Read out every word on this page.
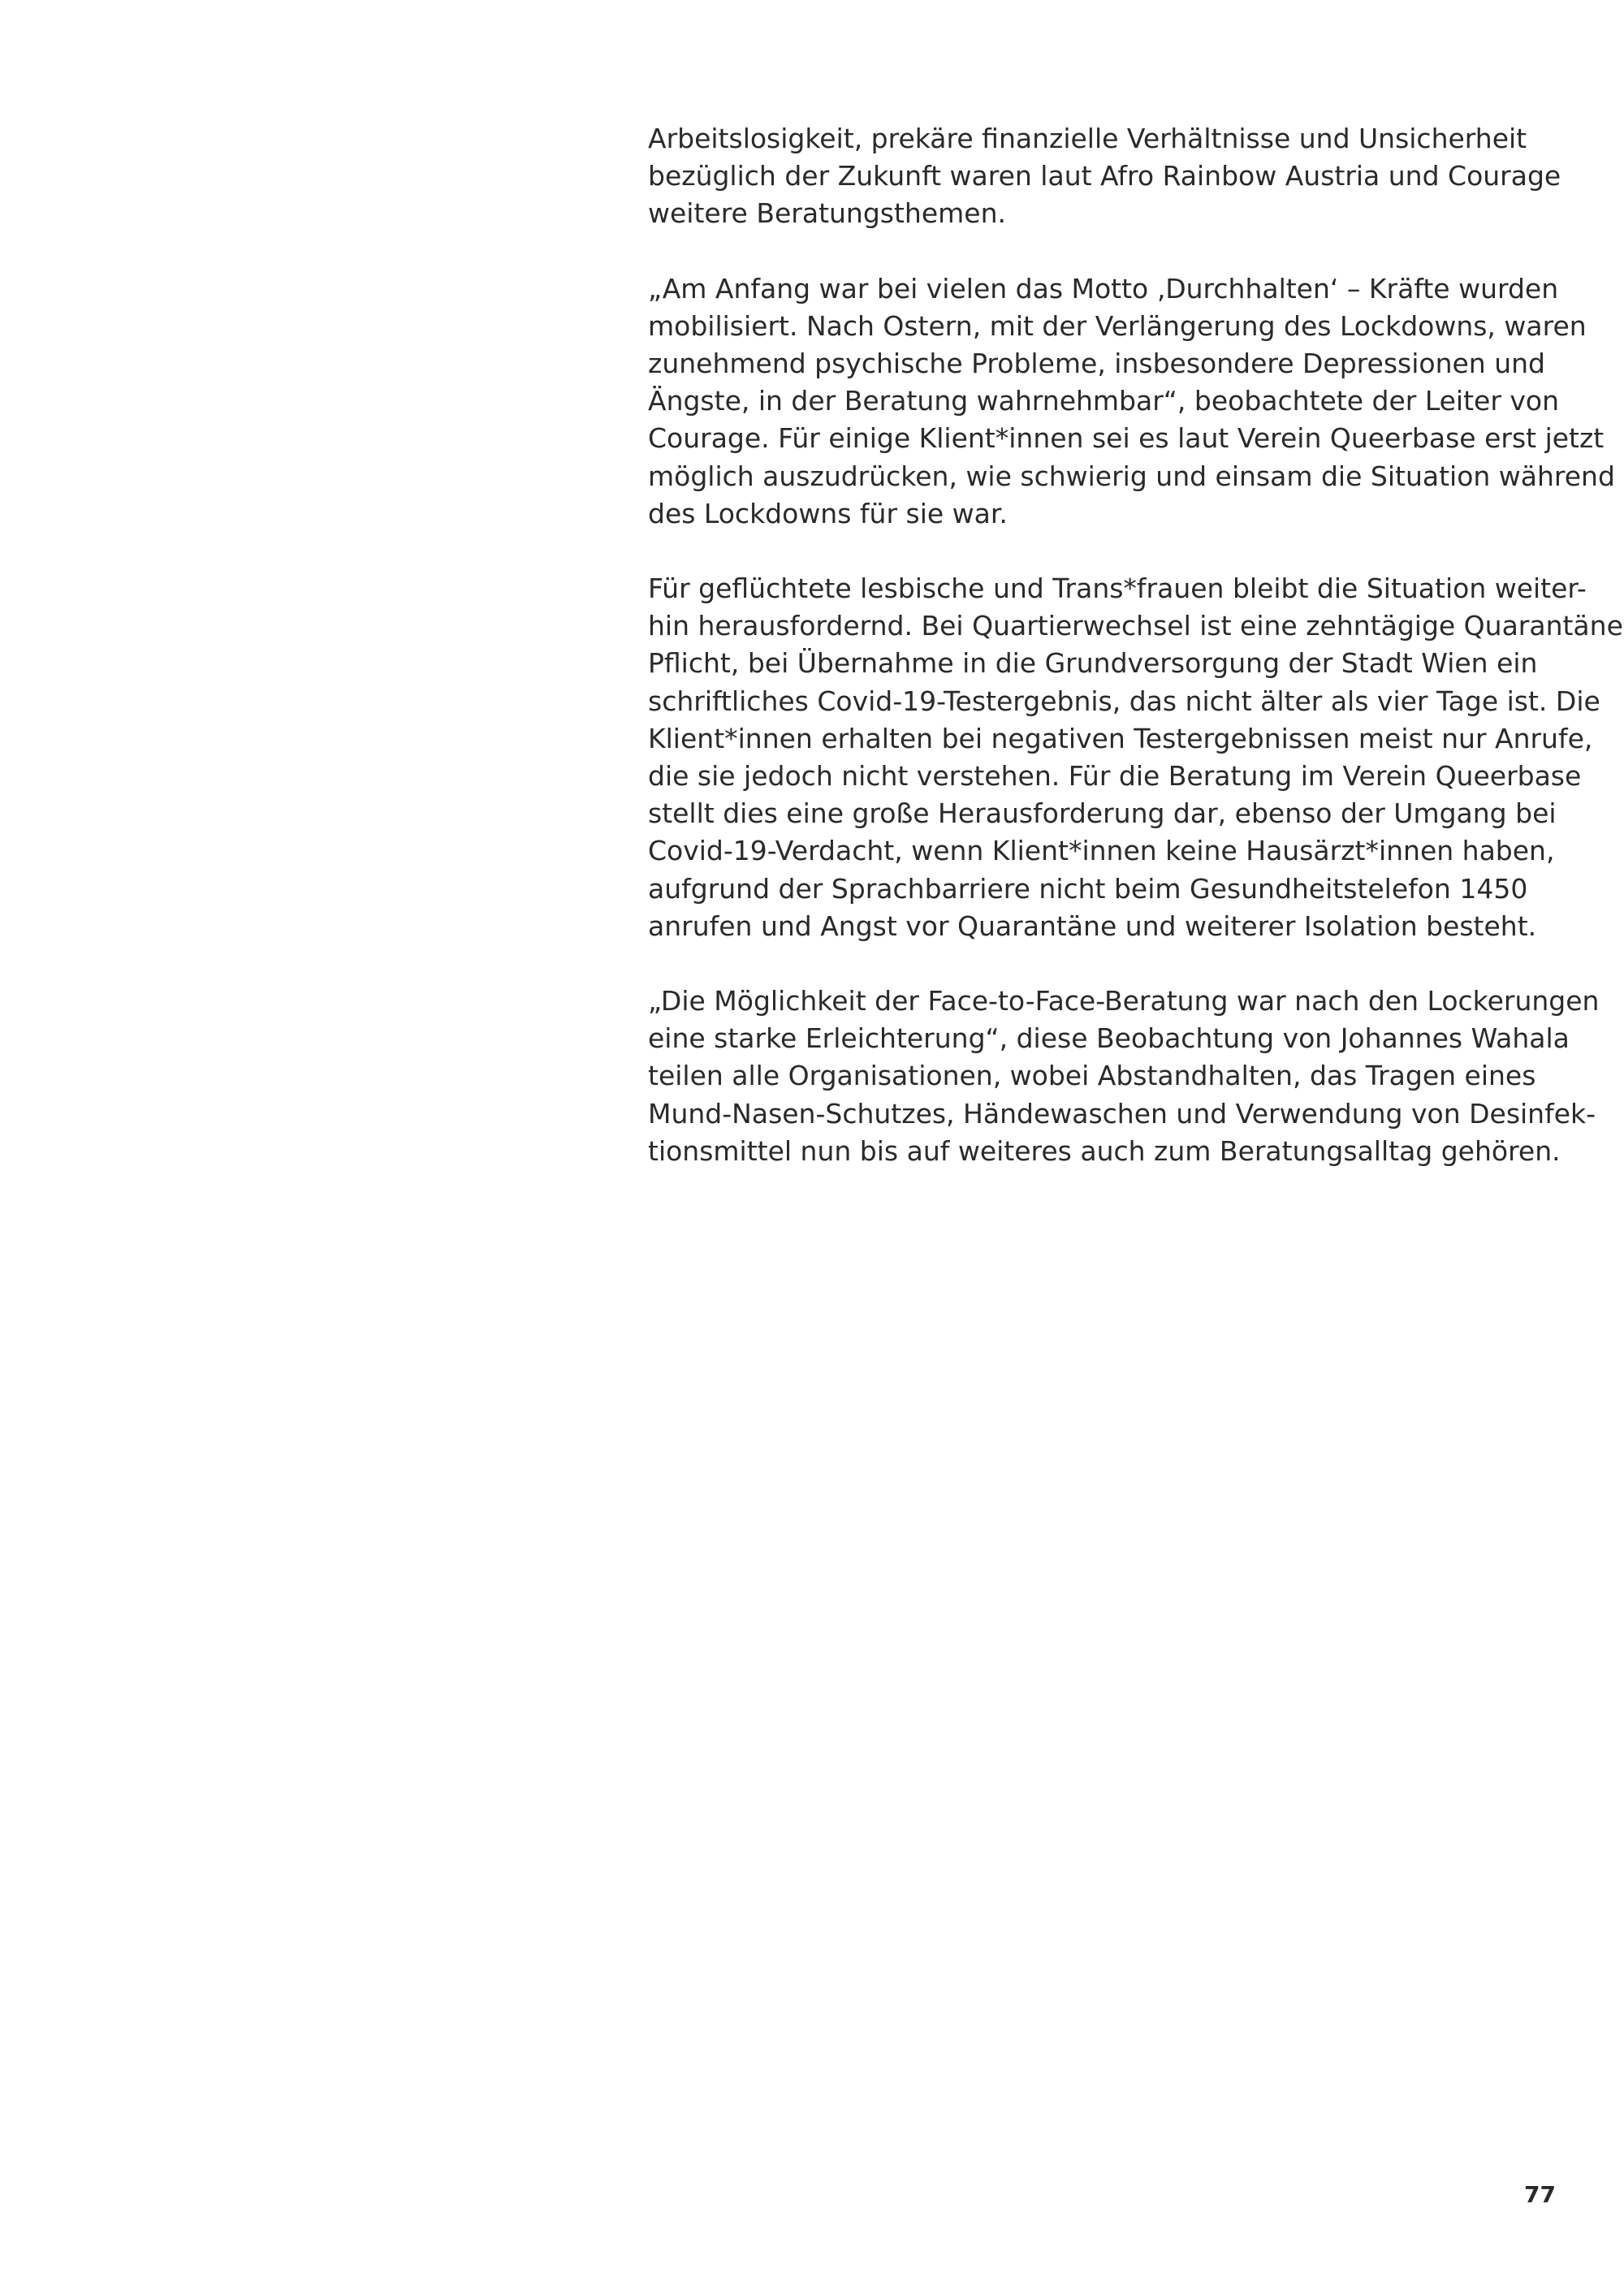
Arbeitslosigkeit, prekäre finanzielle Verhältnisse und Unsicherheit
bezüglich der Zukunft waren laut Afro Rainbow Austria und Courage
weitere Beratungsthemen.

„Am Anfang war bei vielen das Motto ‚Durchhalten‘ – Kräfte wurden
mobilisiert. Nach Ostern, mit der Verlängerung des Lockdowns, waren
zunehmend psychische Probleme, insbesondere Depressionen und
Ängste, in der Beratung wahrnehmbar“, beobachtete der Leiter von
Courage. Für einige Klient*innen sei es laut Verein Queerbase erst jetzt
möglich auszudrücken, wie schwierig und einsam die Situation während
des Lockdowns für sie war.

Für geflüchtete lesbische und Trans*frauen bleibt die Situation weiter-
hin herausfordernd. Bei Quartierwechsel ist eine zehntägige Quarantäne
Pflicht, bei Übernahme in die Grundversorgung der Stadt Wien ein
schriftliches Covid-19-Testergebnis, das nicht älter als vier Tage ist. Die
Klient*innen erhalten bei negativen Testergebnissen meist nur Anrufe,
die sie jedoch nicht verstehen. Für die Beratung im Verein Queerbase
stellt dies eine große Herausforderung dar, ebenso der Umgang bei
Covid-19-Verdacht, wenn Klient*innen keine Hausärzt*innen haben,
aufgrund der Sprachbarriere nicht beim Gesundheitstelefon 1450
anrufen und Angst vor Quarantäne und weiterer Isolation besteht.

„Die Möglichkeit der Face-to-Face-Beratung war nach den Lockerungen
eine starke Erleichterung“, diese Beobachtung von Johannes Wahala
teilen alle Organisationen, wobei Abstandhalten, das Tragen eines
Mund-Nasen-Schutzes, Händewaschen und Verwendung von Desinfek-
tionsmittel nun bis auf weiteres auch zum Beratungsalltag gehören.

77
